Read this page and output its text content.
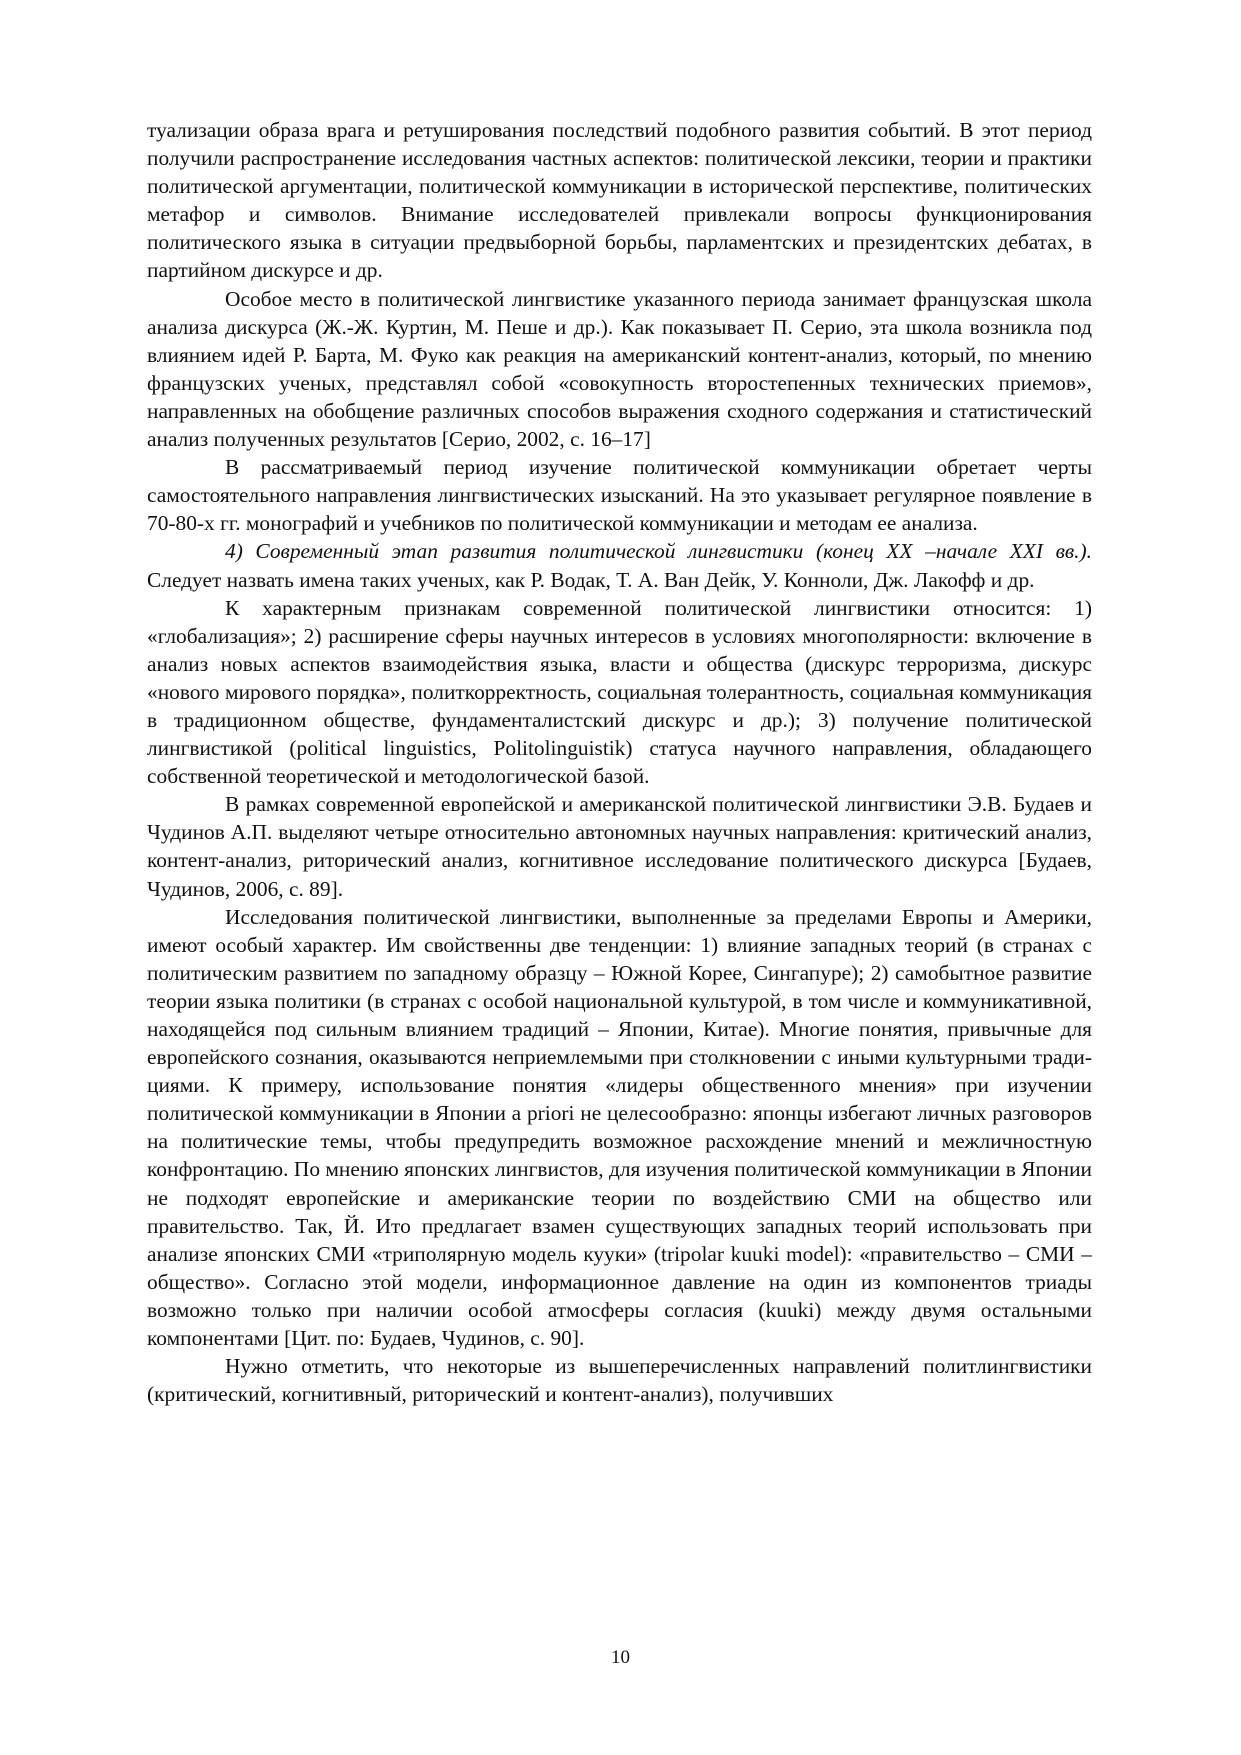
туализации образа врага и ретуширования последствий подобного развития событий. В этот период получили распространение исследования частных аспектов: политической лексики, теории и практики политической аргументации, политической коммуникации в исторической перспективе, политических метафор и символов. Внимание исследователей привлекали вопросы функционирования политического языка в ситуации предвыборной борьбы, парламентских и президентских дебатах, в партийном дискурсе и др.

Особое место в политической лингвистике указанного периода занимает французская школа анализа дискурса (Ж.-Ж. Куртин, М. Пеше и др.). Как показывает П. Серио, эта школа возникла под влиянием идей Р. Барта, М. Фуко как реакция на американский контент-анализ, который, по мнению французских ученых, представлял собой «совокупность второстепенных технических приемов», направленных на обобщение различных способов выражения сходного содержания и статистический анализ полученных результатов [Серио, 2002, с. 16–17]

В рассматриваемый период изучение политической коммуникации обретает черты самостоятельного направления лингвистических изысканий. На это указывает регулярное появление в 70-80-х гг. монографий и учебников по политической коммуникации и методам ее анализа.

4) Современный этап развития политической лингвистики (конец XX –начале XXI вв.). Следует назвать имена таких ученых, как Р. Водак, Т. А. Ван Дейк, У. Конноли, Дж. Лакофф и др.

К характерным признакам современной политической лингвистики относится: 1) «глобализация»; 2) расширение сферы научных интересов в условиях многополярности: включение в анализ новых аспектов взаимодействия языка, власти и общества (дискурс терроризма, дискурс «нового мирового порядка», политкорректность, социальная толерантность, социальная коммуникация в традиционном обществе, фундаменталистский дискурс и др.); 3) получение политической лингвистикой (political linguistics, Politolinguistik) статуса научного направления, обладающего собственной теоретической и методологической базой.

В рамках современной европейской и американской политической лингвистики Э.В. Будаев и Чудинов А.П. выделяют четыре относительно автономных научных направления: критический анализ, контент-анализ, риторический анализ, когнитивное исследование политического дискурса [Будаев, Чудинов, 2006, с. 89].

Исследования политической лингвистики, выполненные за пределами Европы и Америки, имеют особый характер. Им свойственны две тенденции: 1) влияние западных теорий (в странах с политическим развитием по западному образцу – Южной Корее, Сингапуре); 2) самобытное развитие теории языка политики (в странах с особой национальной культурой, в том числе и коммуникативной, находящейся под сильным влиянием традиций – Японии, Китае). Многие понятия, привычные для европейского сознания, оказываются неприемлемыми при столкновении с иными культурными традициями. К примеру, использование понятия «лидеры общественного мнения» при изучении политической коммуникации в Японии a priori не целесообразно: японцы избегают личных разговоров на политические темы, чтобы предупредить возможное расхождение мнений и межличностную конфронтацию. По мнению японских лингвистов, для изучения политической коммуникации в Японии не подходят европейские и американские теории по воздействию СМИ на общество или правительство. Так, Й. Ито предлагает взамен существующих западных теорий использовать при анализе японских СМИ «триполярную модель кууки» (tripolar kuuki model): «правительство – СМИ – общество». Согласно этой модели, информационное давление на один из компонентов триады возможно только при наличии особой атмосферы согласия (kuuki) между двумя остальными компонентами [Цит. по: Будаев, Чудинов, с. 90].

Нужно отметить, что некоторые из вышеперечисленных направлений политлингвистики (критический, когнитивный, риторический и контент-анализ), получивших

10
